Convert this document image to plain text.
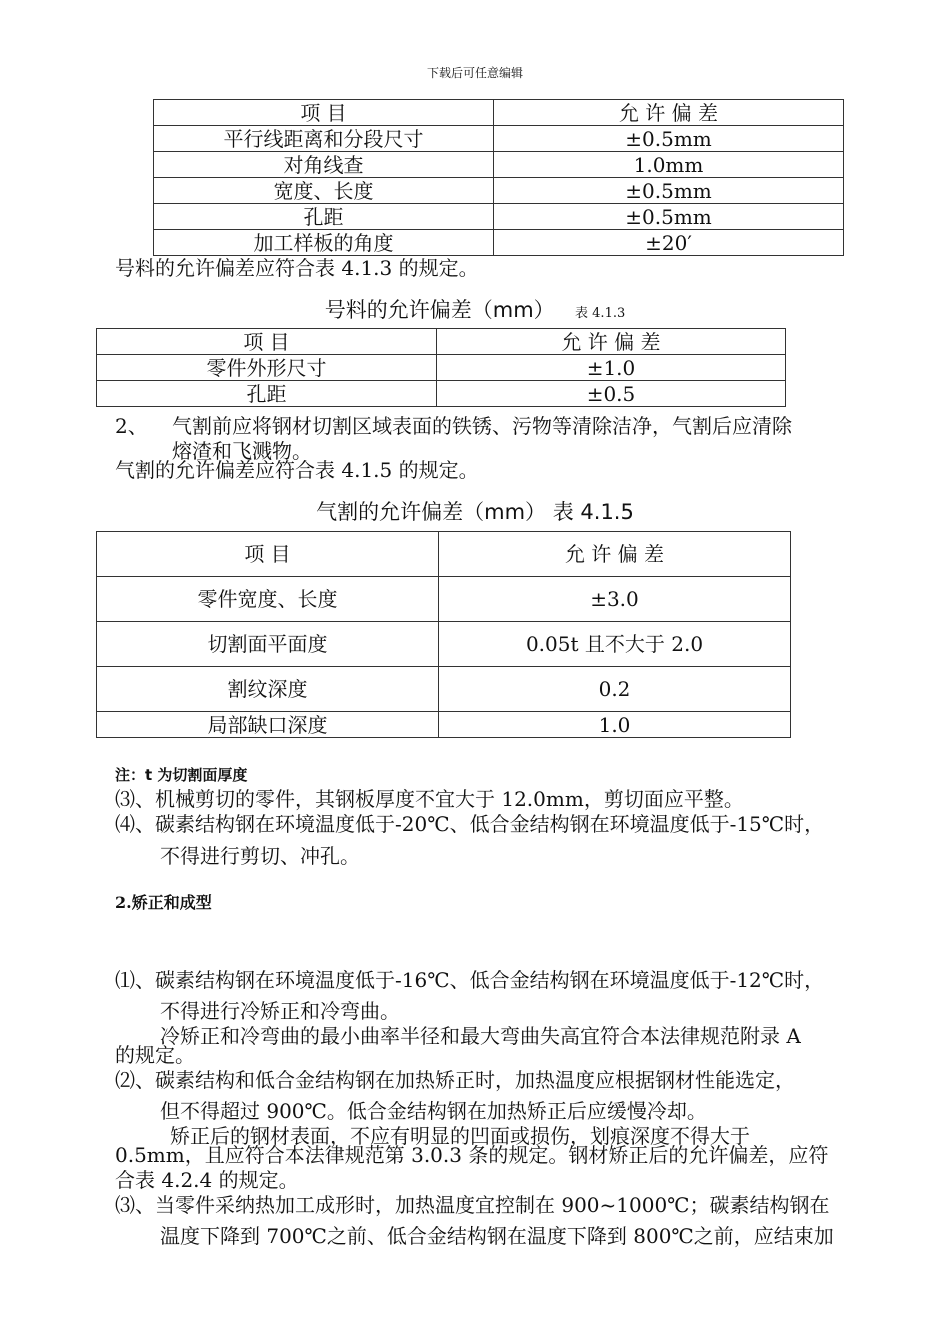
下载后可任意编辑
项 目	允 许 偏 差
平行线距离和分段尺寸	±0.5mm
对角线查	1.0mm
宽度、长度	±0.5mm
孔距	±0.5mm
加工样板的角度	±20′
号料的允许偏差应符合表 4.1.3 的规定。
号料的允许偏差（mm） 表 4.1.3
项 目	允 许 偏 差
零件外形尺寸	±1.0
孔距	±0.5
2、 气割前应将钢材切割区域表面的铁锈、污物等清除洁净，气割后应清除
熔渣和飞溅物。
气割的允许偏差应符合表 4.1.5 的规定。
气割的允许偏差（mm） 表 4.1.5
项 目	允 许 偏 差
零件宽度、长度	±3.0
切割面平面度	0.05t 且不大于 2.0
割纹深度	0.2
局部缺口深度	1.0
注：t 为切割面厚度
⑶、机械剪切的零件，其钢板厚度不宜大于 12.0mm，剪切面应平整。
⑷、碳素结构钢在环境温度低于-20℃、低合金结构钢在环境温度低于-15℃时，
不得进行剪切、冲孔。
2.矫正和成型
⑴、碳素结构钢在环境温度低于-16℃、低合金结构钢在环境温度低于-12℃时，
不得进行冷矫正和冷弯曲。
冷矫正和冷弯曲的最小曲率半径和最大弯曲失高宜符合本法律规范附录 A
的规定。
⑵、碳素结构和低合金结构钢在加热矫正时，加热温度应根据钢材性能选定，
但不得超过 900℃。低合金结构钢在加热矫正后应缓慢冷却。
矫正后的钢材表面，不应有明显的凹面或损伤，划痕深度不得大于
0.5mm，且应符合本法律规范第 3.0.3 条的规定。钢材矫正后的允许偏差，应符
合表 4.2.4 的规定。
⑶、当零件采纳热加工成形时，加热温度宜控制在 900~1000℃；碳素结构钢在
温度下降到 700℃之前、低合金结构钢在温度下降到 800℃之前，应结束加
